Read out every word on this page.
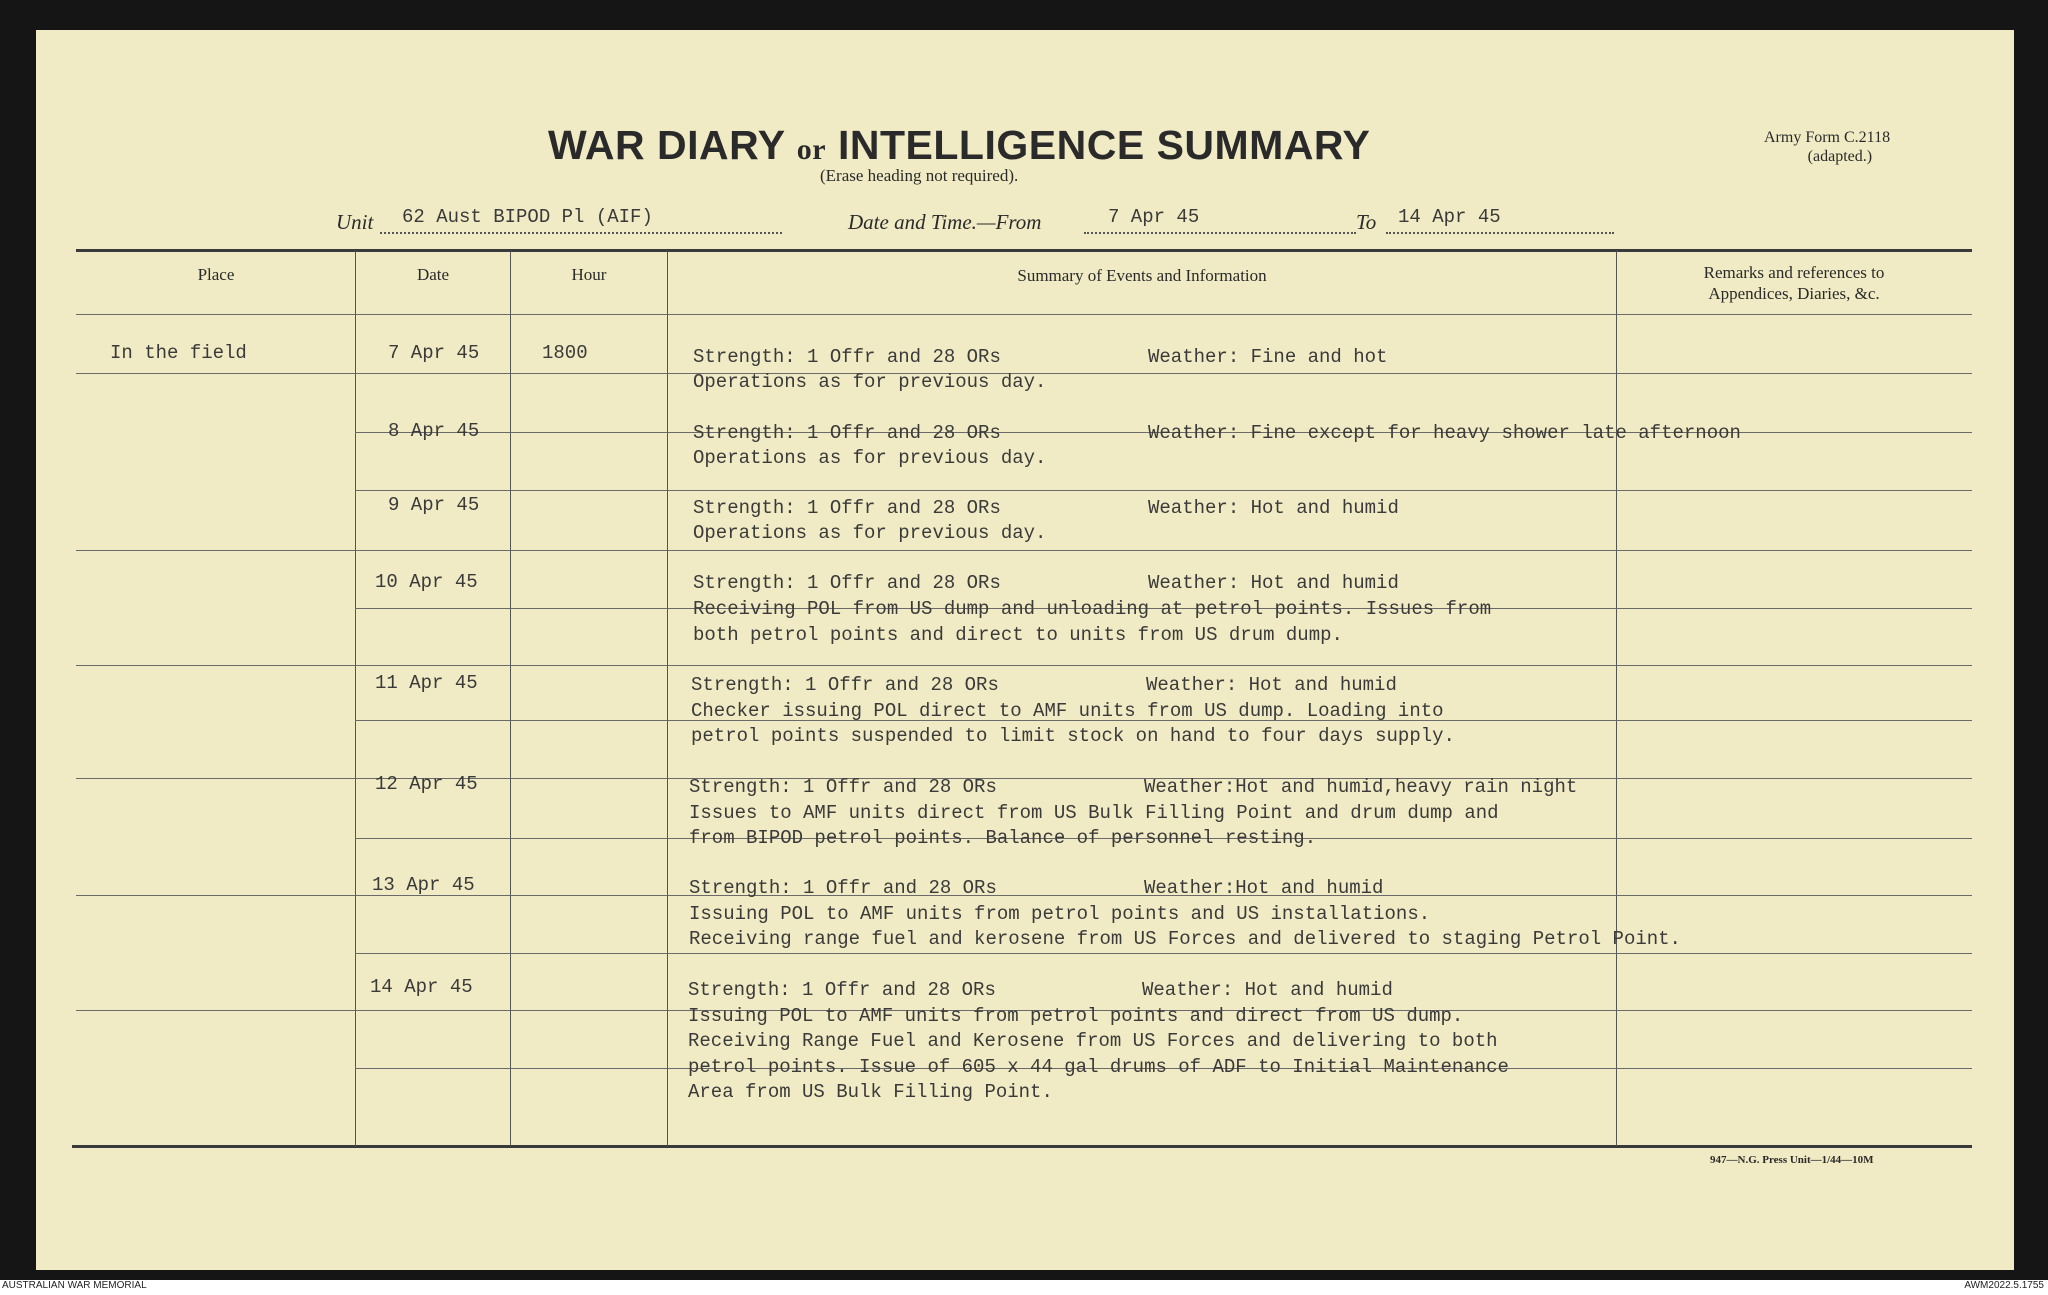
WAR DIARY or INTELLIGENCE SUMMARY
(Erase heading not required).
Army Form C.2118
(adapted.)
Unit 62 Aust BIPOD Pl (AIF)	Date and Time.—From	7 Apr 45	To 14 Apr 45
Place	Date	Hour	Summary of Events and Information	Remarks and references to
Appendices, Diaries, &c.
In the field	7 Apr 45	1800	Strength: 1 Offr and 28 ORs	Weather: Fine and hot
Operations as for previous day.
8 Apr 45	Strength: 1 Offr and 28 ORs	Weather: Fine except for heavy shower late afternoon
Operations as for previous day.
9 Apr 45	Strength: 1 Offr and 28 ORs	Weather: Hot and humid
Operations as for previous day.
10 Apr 45	Strength: 1 Offr and 28 ORs	Weather: Hot and humid
Receiving POL from US dump and unloading at petrol points. Issues from
both petrol points and direct to units from US drum dump.
11 Apr 45	Strength: 1 Offr and 28 ORs	Weather: Hot and humid
Checker issuing POL direct to AMF units from US dump. Loading into
petrol points suspended to limit stock on hand to four days supply.
12 Apr 45	Strength: 1 Offr and 28 ORs	Weather:Hot and humid,heavy rain night
Issues to AMF units direct from US Bulk Filling Point and drum dump and
from BIPOD petrol points. Balance of personnel resting.
13 Apr 45	Strength: 1 Offr and 28 ORs	Weather:Hot and humid
Issuing POL to AMF units from petrol points and US installations.
Receiving range fuel and kerosene from US Forces and delivered to staging Petrol Point.
14 Apr 45	Strength: 1 Offr and 28 ORs	Weather: Hot and humid
Issuing POL to AMF units from petrol points and direct from US dump.
Receiving Range Fuel and Kerosene from US Forces and delivering to both
petrol points. Issue of 605 x 44 gal drums of ADF to Initial Maintenance
Area from US Bulk Filling Point.
947—N.G. Press Unit—1/44—10M
AUSTRALIAN WAR MEMORIAL	AWM2022.5.1755
